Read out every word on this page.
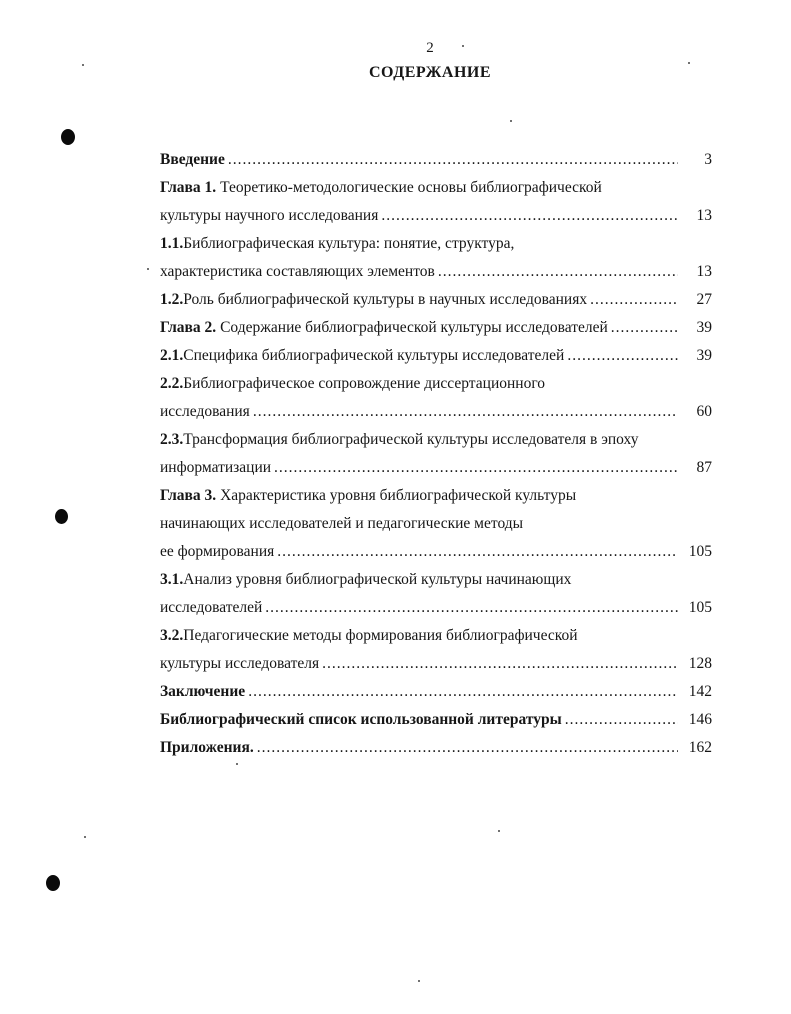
2
СОДЕРЖАНИЕ
Введение .....	3
Глава 1. Теоретико-методологические основы библиографической
культуры научного исследования .....	13
1.1.Библиографическая культура: понятие, структура,
характеристика составляющих элементов .....	13
1.2.Роль библиографической культуры в научных исследованиях .....	27
Глава 2. Содержание библиографической культуры исследователей .....	39
2.1.Специфика библиографической культуры исследователей .....	39
2.2.Библиографическое сопровождение диссертационного
исследования .....	60
2.3.Трансформация библиографической культуры исследователя в эпоху
информатизации .....	87
Глава 3. Характеристика уровня библиографической культуры
начинающих исследователей и педагогические методы
ее формирования .....	105
3.1.Анализ уровня библиографической культуры начинающих
исследователей .....	105
3.2.Педагогические методы формирования библиографической
культуры исследователя .....	128
Заключение .....	142
Библиографический список использованной литературы .....	146
Приложения. .....	162
